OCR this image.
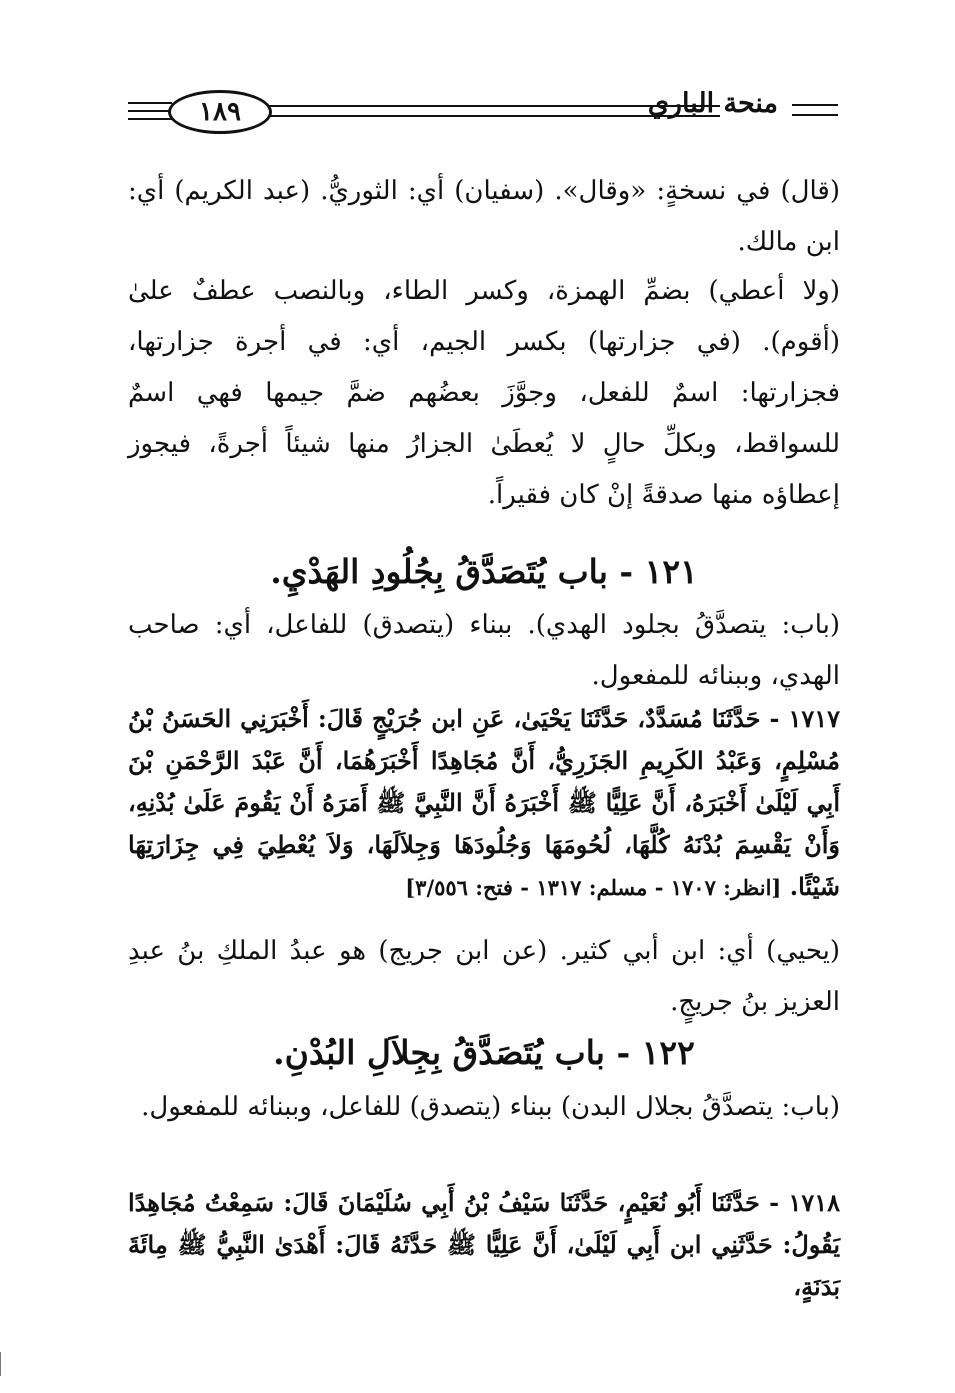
١٨٩	منحة الباري

(قال) في نسخةٍ: «وقال». (سفيان) أي: الثوريُّ. (عبد الكريم) أي: ابن مالك.

(ولا أعطي) بضمِّ الهمزة، وكسر الطاء، وبالنصب عطفٌ علىٰ (أقوم). (في جزارتها) بكسر الجيم، أي: في أجرة جزارتها، فجزارتها: اسمٌ للفعل، وجوَّزَ بعضُهم ضمَّ جيمها فهي اسمٌ للسواقط، وبكلِّ حالٍ لا يُعطَىٰ الجزارُ منها شيئاً أجرةً، فيجوز إعطاؤه منها صدقةً إنْ كان فقيراً.

١٢١ - باب يُتَصَدَّقُ بِجُلُودِ الهَدْيِ.

(باب: يتصدَّقُ بجلود الهدي). ببناء (يتصدق) للفاعل، أي: صاحب الهدي، وببنائه للمفعول.

١٧١٧ - حَدَّثَنَا مُسَدَّدٌ، حَدَّثَنَا يَحْيَىٰ، عَنِ ابن جُرَيْجٍ قَالَ: أَخْبَرَنِي الحَسَنُ بْنُ مُسْلِمٍ، وَعَبْدُ الكَرِيمِ الجَزَرِيُّ، أَنَّ مُجَاهِدًا أَخْبَرَهُمَا، أَنَّ عَبْدَ الرَّحْمَنِ بْنَ أَبِي لَيْلَىٰ أَخْبَرَهُ، أَنَّ عَلِيًّا ﷺ أَخْبَرَهُ أَنَّ النَّبِيَّ ﷺ أَمَرَهُ أَنْ يَقُومَ عَلَىٰ بُدْنِهِ، وَأَنْ يَقْسِمَ بُدْنَهُ كُلَّهَا، لُحُومَهَا وَجُلُودَهَا وَجِلاَلَهَا، وَلاَ يُعْطِيَ فِي جِزَارَتِهَا شَيْئًا. [انظر: ١٧٠٧ - مسلم: ١٣١٧ - فتح: ٣/٥٥٦]

(يحيي) أي: ابن أبي كثير. (عن ابن جريج) هو عبدُ الملكِ بنُ عبدِ العزيز بنُ جريجٍ.

١٢٢ - باب يُتَصَدَّقُ بِجِلاَلِ البُدْنِ.

(باب: يتصدَّقُ بجلال البدن) ببناء (يتصدق) للفاعل، وببنائه للمفعول.

١٧١٨ - حَدَّثَنَا أَبُو نُعَيْمٍ، حَدَّثَنَا سَيْفُ بْنُ أَبِي سُلَيْمَانَ قَالَ: سَمِعْتُ مُجَاهِدًا يَقُولُ: حَدَّثَنِي ابن أَبِي لَيْلَىٰ، أَنَّ عَلِيًّا ﷺ حَدَّثَهُ قَالَ: أَهْدَىٰ النَّبِيُّ ﷺ مِائَةَ بَدَنَةٍ،
